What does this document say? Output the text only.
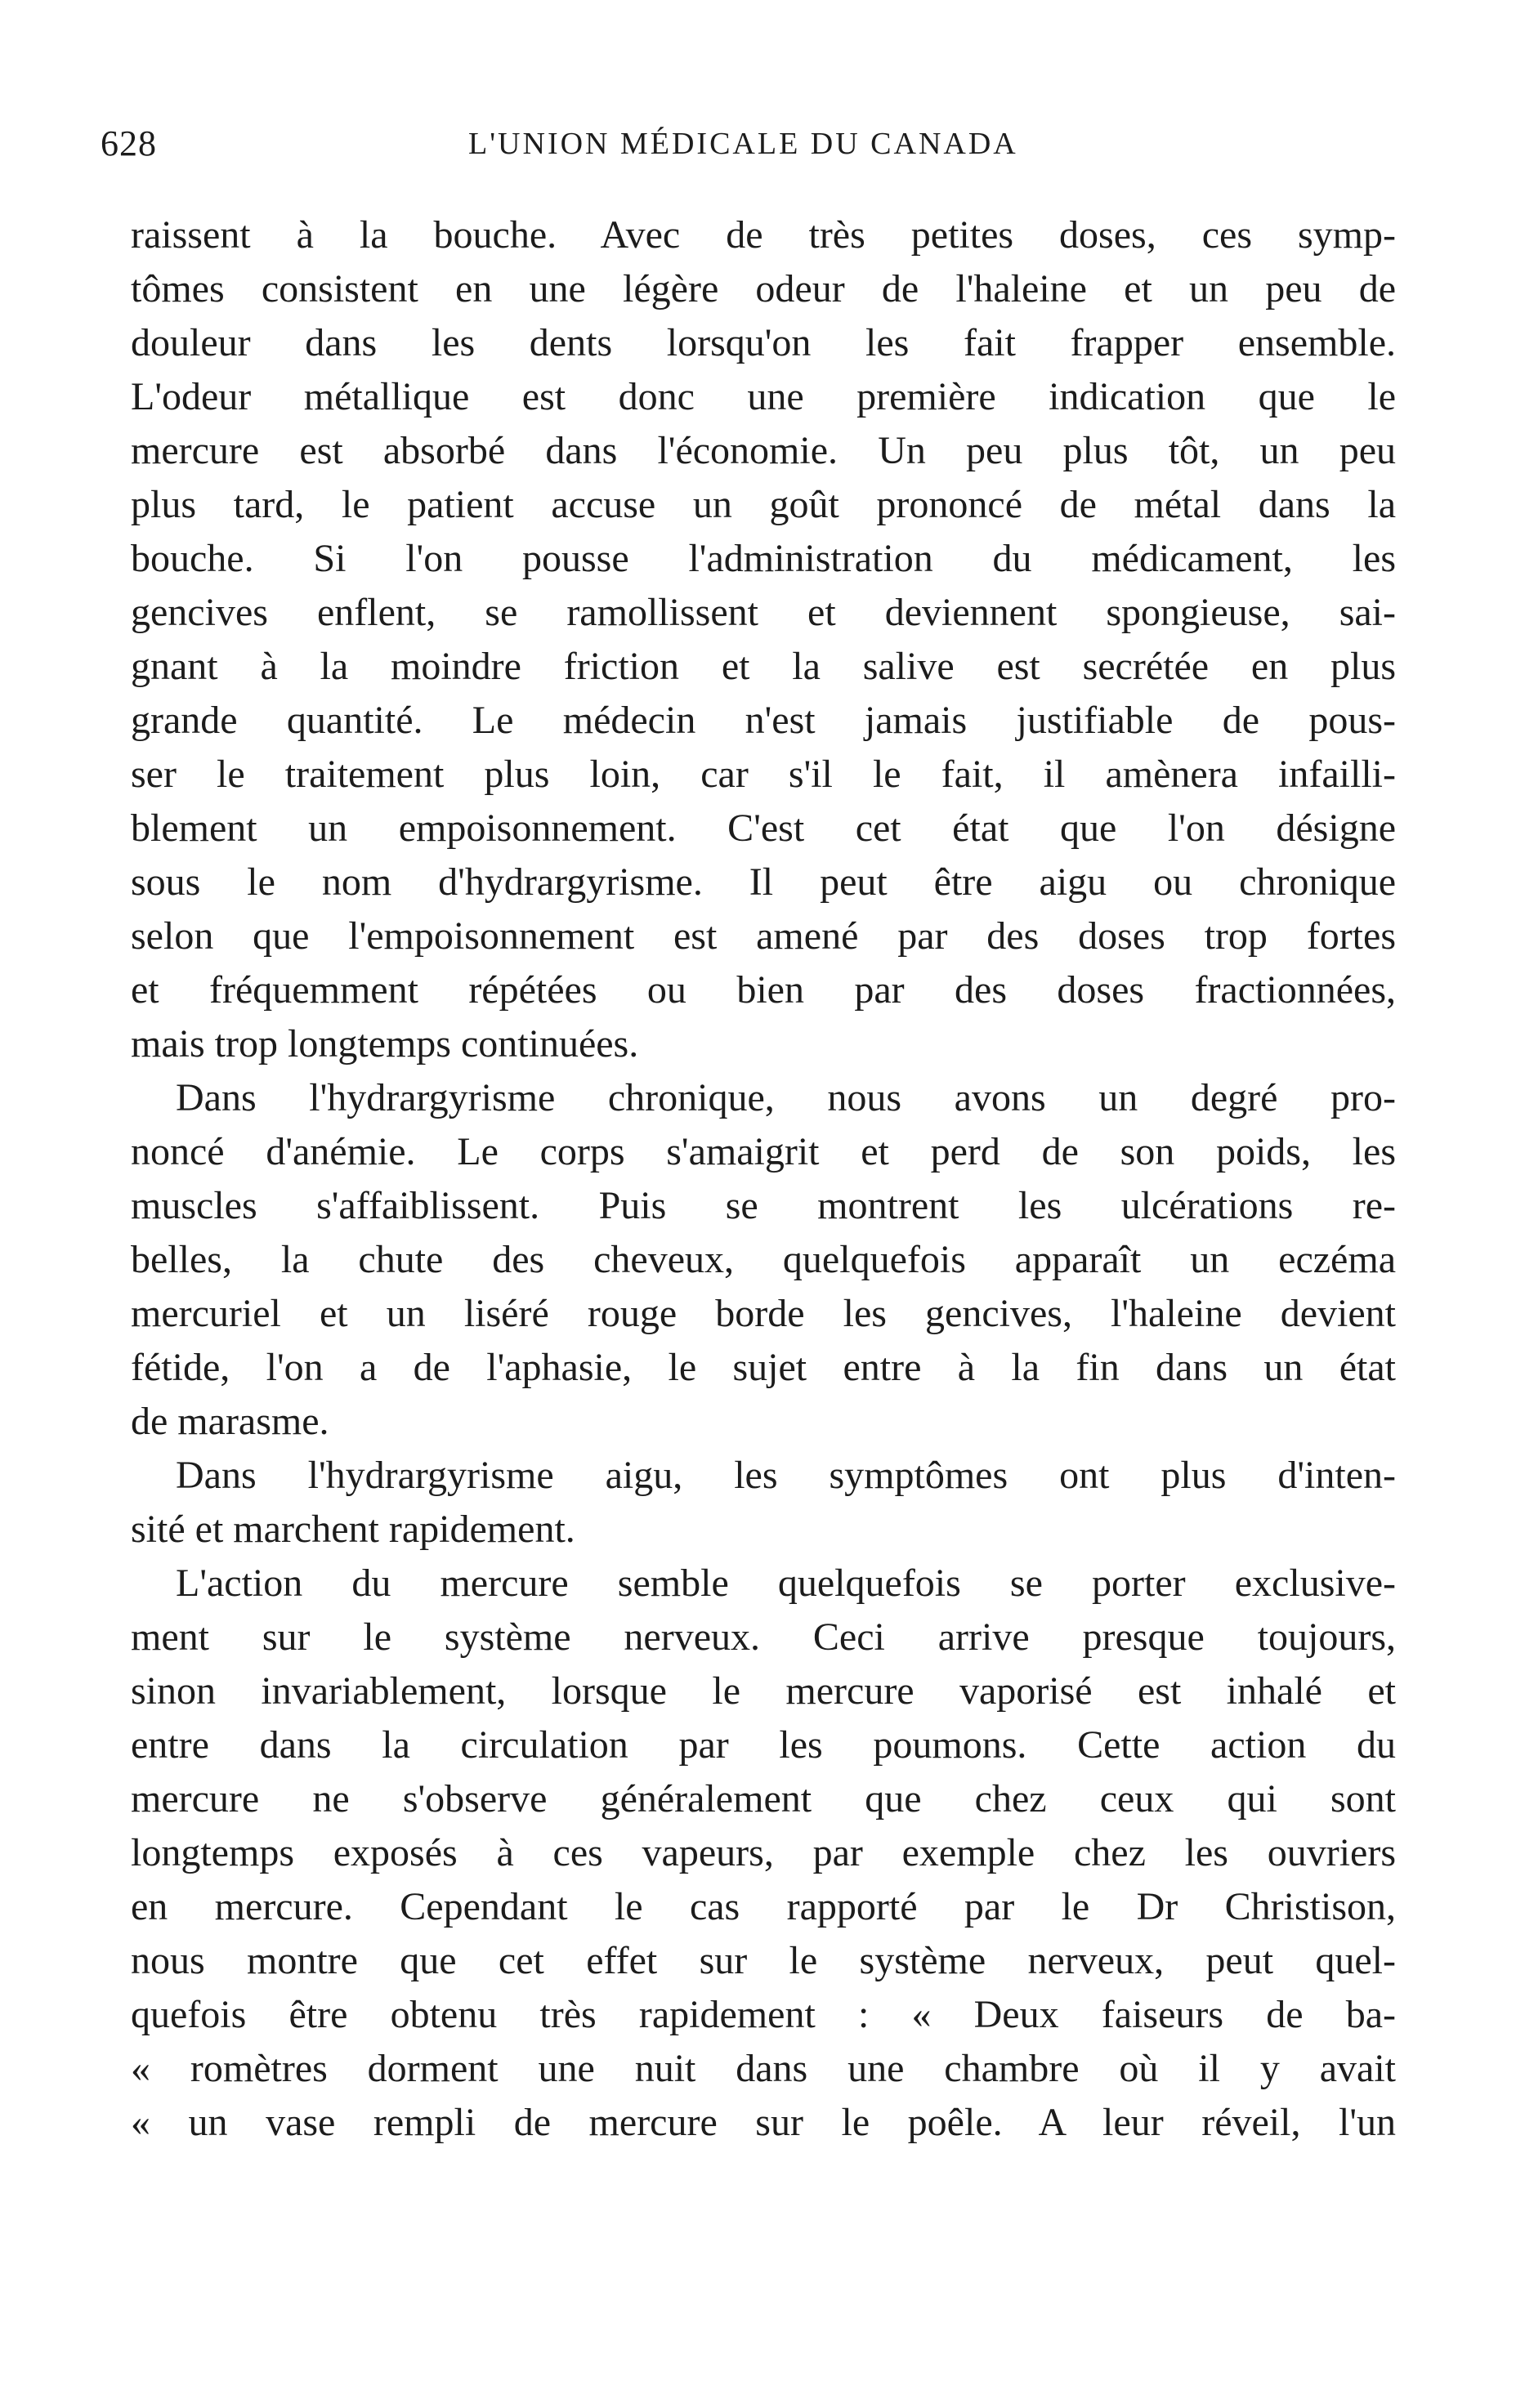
628	L'UNION MÉDICALE DU CANADA
raissent à la bouche. Avec de très petites doses, ces symp-
tômes consistent en une légère odeur de l'haleine et un peu de
douleur dans les dents lorsqu'on les fait frapper ensemble.
L'odeur métallique est donc une première indication que le
mercure est absorbé dans l'économie. Un peu plus tôt, un peu
plus tard, le patient accuse un goût prononcé de métal dans la
bouche. Si l'on pousse l'administration du médicament, les
gencives enflent, se ramollissent et deviennent spongieuse, sai-
gnant à la moindre friction et la salive est secrétée en plus
grande quantité. Le médecin n'est jamais justifiable de pous-
ser le traitement plus loin, car s'il le fait, il amènera infailli-
blement un empoisonnement. C'est cet état que l'on désigne
sous le nom d'hydrargyrisme. Il peut être aigu ou chronique
selon que l'empoisonnement est amené par des doses trop fortes
et fréquemment répétées ou bien par des doses fractionnées,
mais trop longtemps continuées.
Dans l'hydrargyrisme chronique, nous avons un degré pro-
noncé d'anémie. Le corps s'amaigrit et perd de son poids, les
muscles s'affaiblissent. Puis se montrent les ulcérations re-
belles, la chute des cheveux, quelquefois apparaît un eczéma
mercuriel et un liséré rouge borde les gencives, l'haleine devient
fétide, l'on a de l'aphasie, le sujet entre à la fin dans un état
de marasme.
Dans l'hydrargyrisme aigu, les symptômes ont plus d'inten-
sité et marchent rapidement.
L'action du mercure semble quelquefois se porter exclusive-
ment sur le système nerveux. Ceci arrive presque toujours,
sinon invariablement, lorsque le mercure vaporisé est inhalé et
entre dans la circulation par les poumons. Cette action du
mercure ne s'observe généralement que chez ceux qui sont
longtemps exposés à ces vapeurs, par exemple chez les ouvriers
en mercure. Cependant le cas rapporté par le Dr Christison,
nous montre que cet effet sur le système nerveux, peut quel-
quefois être obtenu très rapidement : « Deux faiseurs de ba-
« romètres dorment une nuit dans une chambre où il y avait
« un vase rempli de mercure sur le poêle. A leur réveil, l'un
